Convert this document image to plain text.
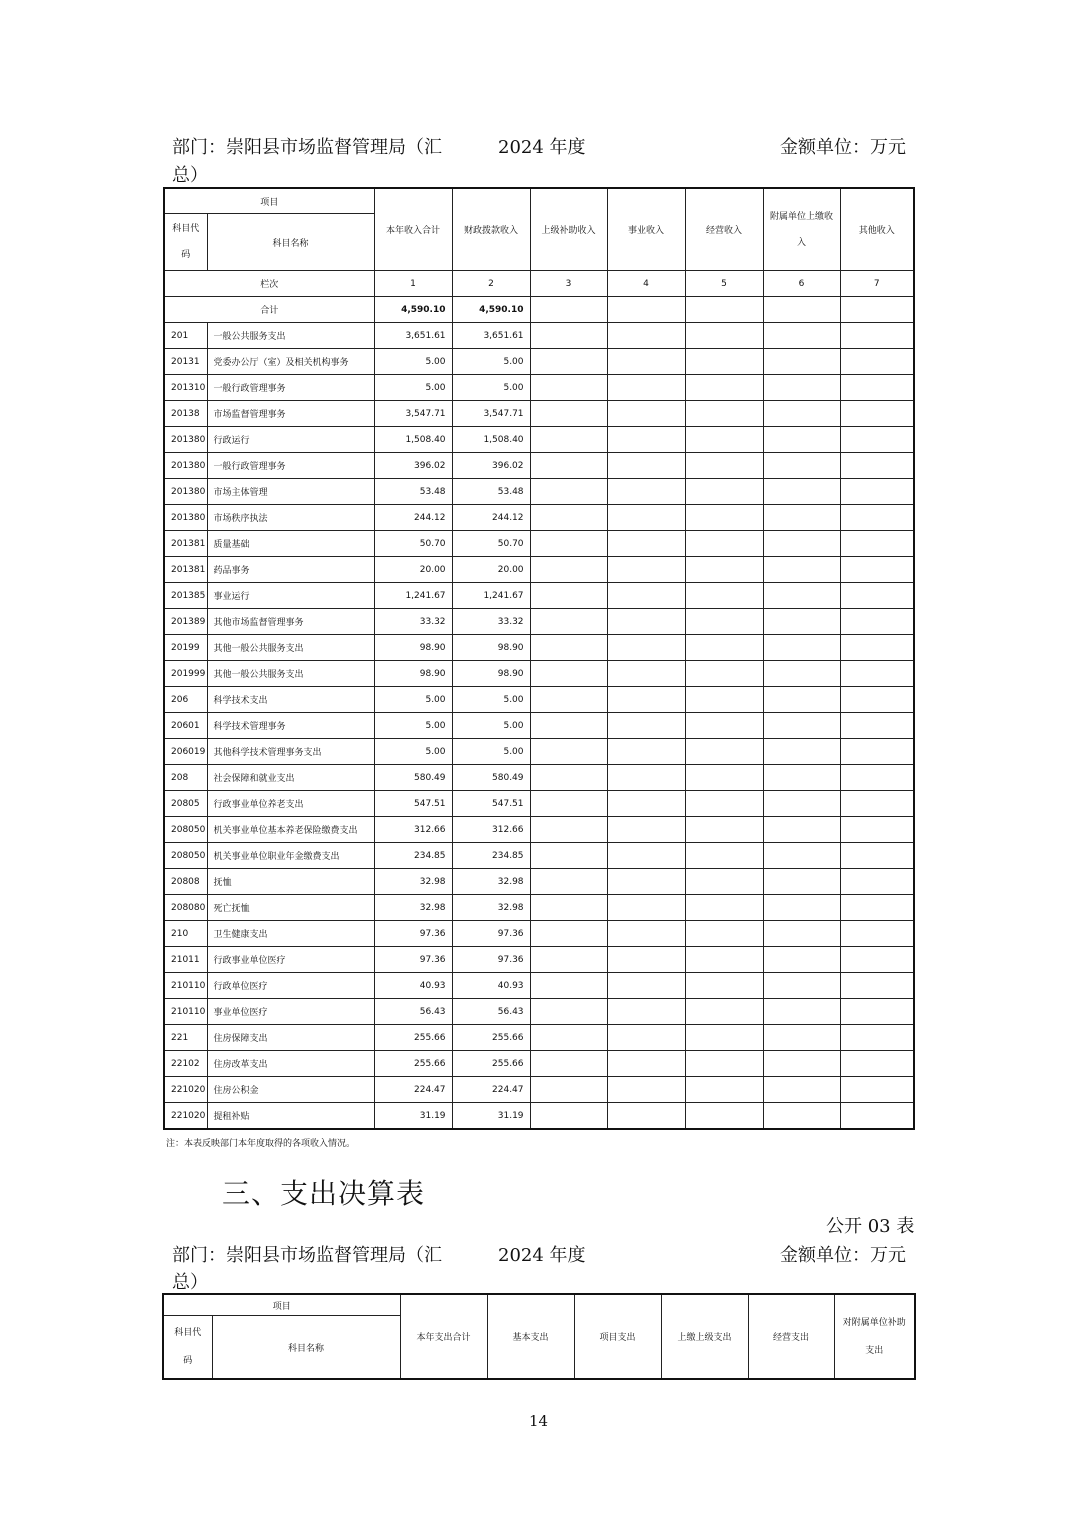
部门：崇阳县市场监督管理局（汇
总）
2024 年度	金额单位：万元
项目		本年收入合计	财政拨款收入	上级补助收入	事业收入	经营收入	附属单位上缴收入	其他收入
科目代码	科目名称							
栏次		1	2	3	4	5	6	7
合计		4,590.10	4,590.10					
201	一般公共服务支出	3,651.61	3,651.61					
20131	党委办公厅（室）及相关机构事务	5.00	5.00					
201310	一般行政管理事务	5.00	5.00					
20138	市场监督管理事务	3,547.71	3,547.71					
201380	行政运行	1,508.40	1,508.40					
201380	一般行政管理事务	396.02	396.02					
201380	市场主体管理	53.48	53.48					
201380	市场秩序执法	244.12	244.12					
201381	质量基础	50.70	50.70					
201381	药品事务	20.00	20.00					
201385	事业运行	1,241.67	1,241.67					
201389	其他市场监督管理事务	33.32	33.32					
20199	其他一般公共服务支出	98.90	98.90					
201999	其他一般公共服务支出	98.90	98.90					
206	科学技术支出	5.00	5.00					
20601	科学技术管理事务	5.00	5.00					
206019	其他科学技术管理事务支出	5.00	5.00					
208	社会保障和就业支出	580.49	580.49					
20805	行政事业单位养老支出	547.51	547.51					
208050	机关事业单位基本养老保险缴费支出	312.66	312.66					
208050	机关事业单位职业年金缴费支出	234.85	234.85					
20808	抚恤	32.98	32.98					
208080	死亡抚恤	32.98	32.98					
210	卫生健康支出	97.36	97.36					
21011	行政事业单位医疗	97.36	97.36					
210110	行政单位医疗	40.93	40.93					
210110	事业单位医疗	56.43	56.43					
221	住房保障支出	255.66	255.66					
22102	住房改革支出	255.66	255.66					
221020	住房公积金	224.47	224.47					
221020	提租补贴	31.19	31.19					
注：本表反映部门本年度取得的各项收入情况。
三、支出决算表
公开 03 表
部门：崇阳县市场监督管理局（汇
总）
2024 年度	金额单位：万元
项目		本年支出合计	基本支出	项目支出	上缴上级支出	经营支出	对附属单位补助支出
科目代码	科目名称						
14
